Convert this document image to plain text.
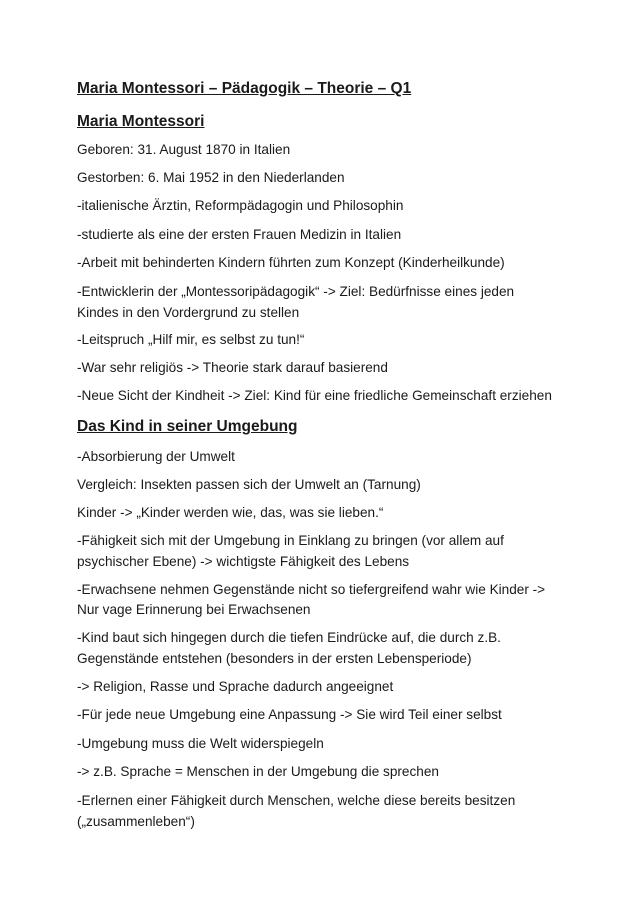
Maria Montessori – Pädagogik – Theorie – Q1
Maria Montessori
Geboren: 31. August 1870 in Italien
Gestorben: 6. Mai 1952 in den Niederlanden
-italienische Ärztin, Reformpädagogin und Philosophin
-studierte als eine der ersten Frauen Medizin in Italien
-Arbeit mit behinderten Kindern führten zum Konzept (Kinderheilkunde)
-Entwicklerin der „Montessoripädagogik“ -> Ziel: Bedürfnisse eines jeden
Kindes in den Vordergrund zu stellen
-Leitspruch „Hilf mir, es selbst zu tun!“
-War sehr religiös -> Theorie stark darauf basierend
-Neue Sicht der Kindheit -> Ziel: Kind für eine friedliche Gemeinschaft erziehen
Das Kind in seiner Umgebung
-Absorbierung der Umwelt
Vergleich: Insekten passen sich der Umwelt an (Tarnung)
Kinder -> „Kinder werden wie, das, was sie lieben.“
-Fähigkeit sich mit der Umgebung in Einklang zu bringen (vor allem auf
psychischer Ebene) -> wichtigste Fähigkeit des Lebens
-Erwachsene nehmen Gegenstände nicht so tiefergreifend wahr wie Kinder ->
Nur vage Erinnerung bei Erwachsenen
-Kind baut sich hingegen durch die tiefen Eindrücke auf, die durch z.B.
Gegenstände entstehen (besonders in der ersten Lebensperiode)
-> Religion, Rasse und Sprache dadurch angeeignet
-Für jede neue Umgebung eine Anpassung -> Sie wird Teil einer selbst
-Umgebung muss die Welt widerspiegeln
-> z.B. Sprache = Menschen in der Umgebung die sprechen
-Erlernen einer Fähigkeit durch Menschen, welche diese bereits besitzen
(„zusammenleben“)
